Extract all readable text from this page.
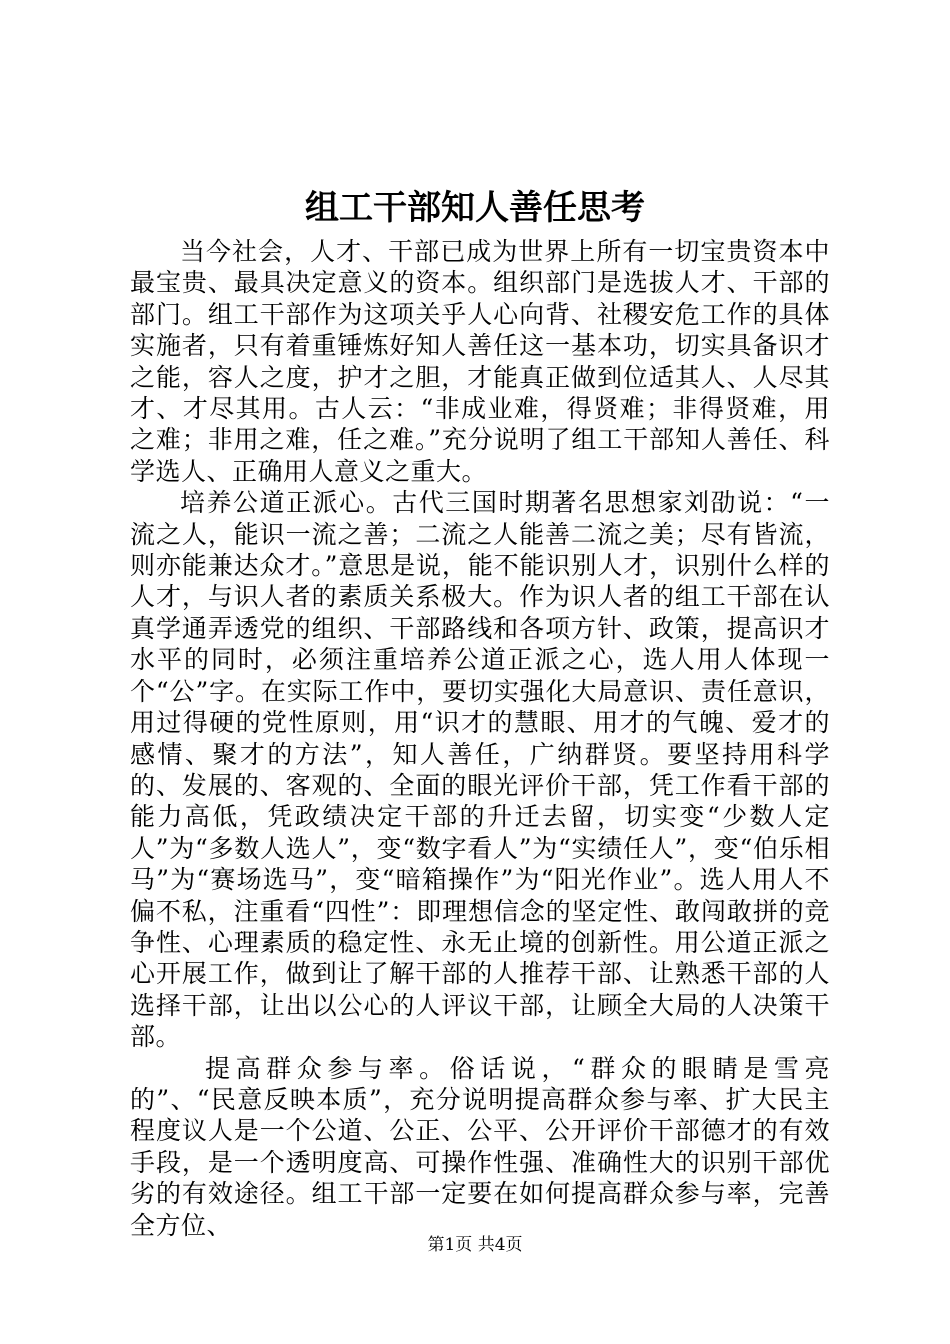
组工干部知人善任思考

当今社会，人才、干部已成为世界上所有一切宝贵资本中最宝贵、最具决定意义的资本。组织部门是选拔人才、干部的部门。组工干部作为这项关乎人心向背、社稷安危工作的具体实施者，只有着重锤炼好知人善任这一基本功，切实具备识才之能，容人之度，护才之胆，才能真正做到位适其人、人尽其才、才尽其用。古人云：“非成业难，得贤难；非得贤难，用之难；非用之难，任之难。”充分说明了组工干部知人善任、科学选人、正确用人意义之重大。

培养公道正派心。古代三国时期著名思想家刘劭说：“一流之人，能识一流之善；二流之人能善二流之美；尽有皆流，则亦能兼达众才。”意思是说，能不能识别人才，识别什么样的人才，与识人者的素质关系极大。作为识人者的组工干部在认真学通弄透党的组织、干部路线和各项方针、政策，提高识才水平的同时，必须注重培养公道正派之心，选人用人体现一个“公”字。在实际工作中，要切实强化大局意识、责任意识，用过得硬的党性原则，用“识才的慧眼、用才的气魄、爱才的感情、聚才的方法”，知人善任，广纳群贤。要坚持用科学的、发展的、客观的、全面的眼光评价干部，凭工作看干部的能力高低，凭政绩决定干部的升迁去留，切实变“少数人定人”为“多数人选人”，变“数字看人”为“实绩任人”，变“伯乐相马”为“赛场选马”，变“暗箱操作”为“阳光作业”。选人用人不偏不私，注重看“四性”：即理想信念的坚定性、敢闯敢拼的竞争性、心理素质的稳定性、永无止境的创新性。用公道正派之心开展工作，做到让了解干部的人推荐干部、让熟悉干部的人选择干部，让出以公心的人评议干部，让顾全大局的人决策干部。

提高群众参与率。俗话说，“群众的眼睛是雪亮的”、“民意反映本质”，充分说明提高群众参与率、扩大民主程度议人是一个公道、公正、公平、公开评价干部德才的有效手段，是一个透明度高、可操作性强、准确性大的识别干部优劣的有效途径。组工干部一定要在如何提高群众参与率，完善全方位、

第1页 共4页
